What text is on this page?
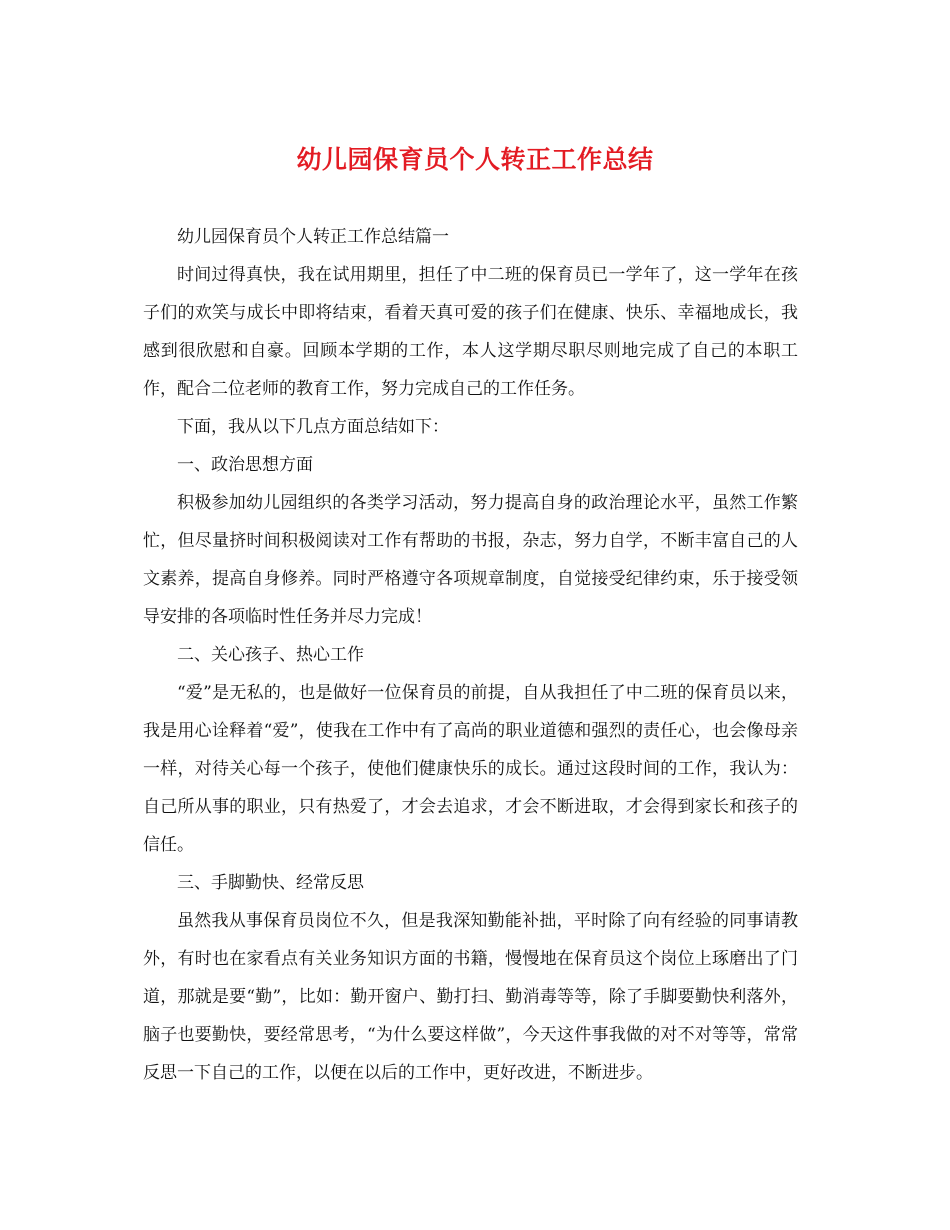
幼儿园保育员个人转正工作总结

幼儿园保育员个人转正工作总结篇一

时间过得真快，我在试用期里，担任了中二班的保育员已一学年了，这一学年在孩子们的欢笑与成长中即将结束，看着天真可爱的孩子们在健康、快乐、幸福地成长，我感到很欣慰和自豪。回顾本学期的工作，本人这学期尽职尽则地完成了自己的本职工作，配合二位老师的教育工作，努力完成自己的工作任务。

下面，我从以下几点方面总结如下：

一、政治思想方面

积极参加幼儿园组织的各类学习活动，努力提高自身的政治理论水平，虽然工作繁忙，但尽量挤时间积极阅读对工作有帮助的书报，杂志，努力自学，不断丰富自己的人文素养，提高自身修养。同时严格遵守各项规章制度，自觉接受纪律约束，乐于接受领导安排的各项临时性任务并尽力完成！

二、关心孩子、热心工作

“爱”是无私的，也是做好一位保育员的前提，自从我担任了中二班的保育员以来，我是用心诠释着“爱”，使我在工作中有了高尚的职业道德和强烈的责任心，也会像母亲一样，对待关心每一个孩子，使他们健康快乐的成长。通过这段时间的工作，我认为：自己所从事的职业，只有热爱了，才会去追求，才会不断进取，才会得到家长和孩子的信任。

三、手脚勤快、经常反思

虽然我从事保育员岗位不久，但是我深知勤能补拙，平时除了向有经验的同事请教外，有时也在家看点有关业务知识方面的书籍，慢慢地在保育员这个岗位上琢磨出了门道，那就是要“勤”，比如：勤开窗户、勤打扫、勤消毒等等，除了手脚要勤快利落外，脑子也要勤快，要经常思考，“为什么要这样做”，今天这件事我做的对不对等等，常常反思一下自己的工作，以便在以后的工作中，更好改进，不断进步。
